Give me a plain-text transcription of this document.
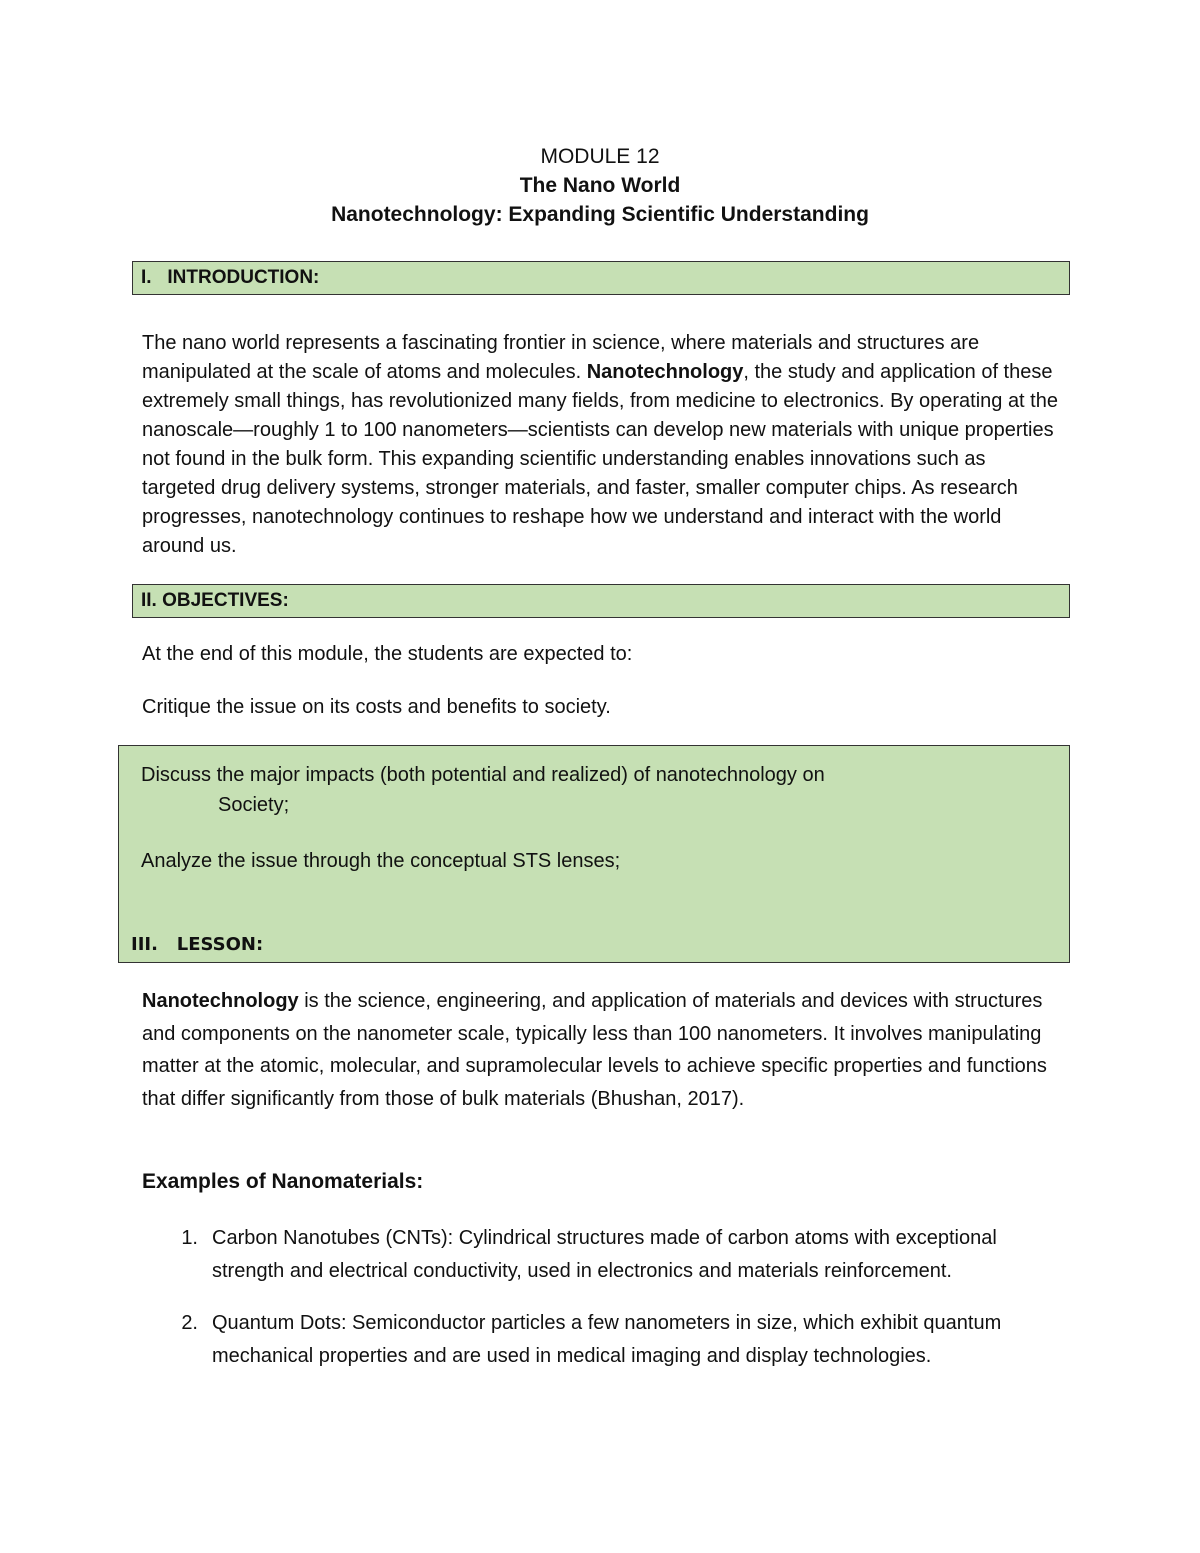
MODULE 12
The Nano World
Nanotechnology: Expanding Scientific Understanding
I.   INTRODUCTION:
The nano world represents a fascinating frontier in science, where materials and structures are manipulated at the scale of atoms and molecules. Nanotechnology, the study and application of these extremely small things, has revolutionized many fields, from medicine to electronics. By operating at the nanoscale—roughly 1 to 100 nanometers—scientists can develop new materials with unique properties not found in the bulk form. This expanding scientific understanding enables innovations such as targeted drug delivery systems, stronger materials, and faster, smaller computer chips. As research progresses, nanotechnology continues to reshape how we understand and interact with the world around us.
II. OBJECTIVES:
At the end of this module, the students are expected to:
Critique the issue on its costs and benefits to society.
Discuss the major impacts (both potential and realized) of nanotechnology on
Society;
Analyze the issue through the conceptual STS lenses;
III.   LESSON:
Nanotechnology is the science, engineering, and application of materials and devices with structures and components on the nanometer scale, typically less than 100 nanometers. It involves manipulating matter at the atomic, molecular, and supramolecular levels to achieve specific properties and functions that differ significantly from those of bulk materials (Bhushan, 2017).
Examples of Nanomaterials:
1. Carbon Nanotubes (CNTs): Cylindrical structures made of carbon atoms with exceptional strength and electrical conductivity, used in electronics and materials reinforcement.
2. Quantum Dots: Semiconductor particles a few nanometers in size, which exhibit quantum mechanical properties and are used in medical imaging and display technologies.
